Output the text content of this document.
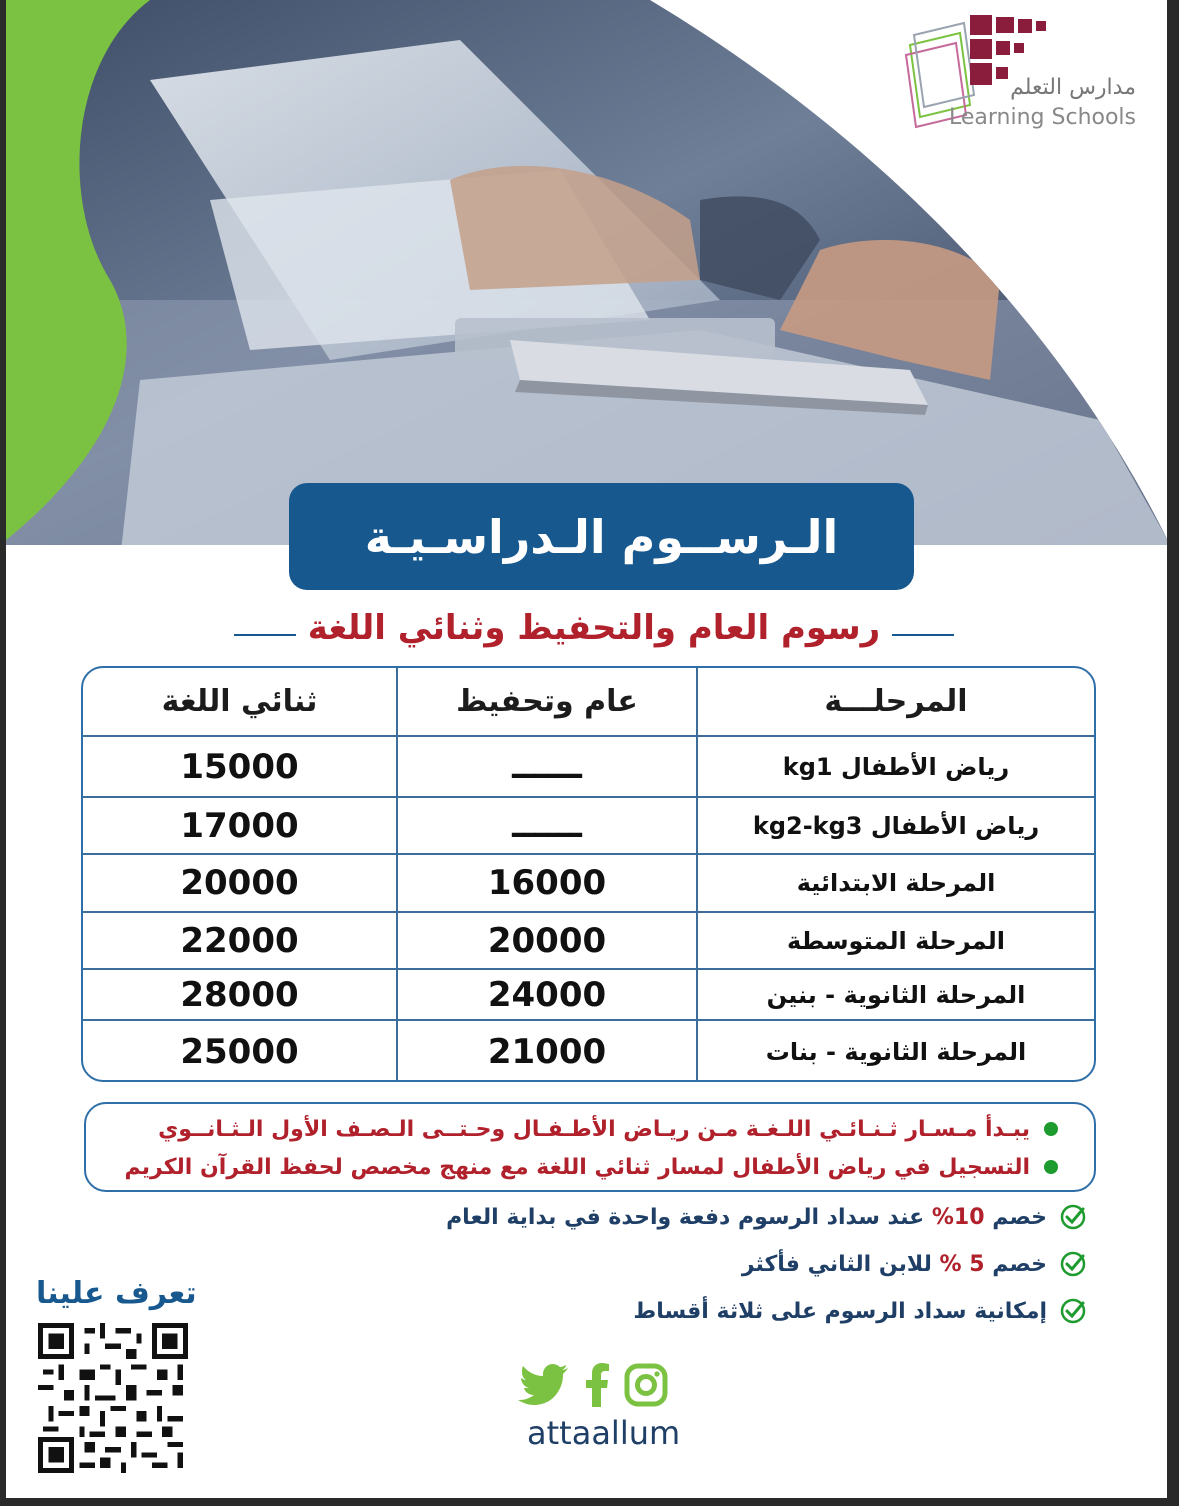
مدارس التعلم
Learning Schools
الـرســوم الـدراسـيـة
رسوم العام والتحفيظ وثنائي اللغة
المرحلـــة
عام وتحفيظ
ثنائي اللغة
رياض الأطفال kg1
ــــــ
15000
رياض الأطفال kg2-kg3
ــــــ
17000
المرحلة الابتدائية
16000
20000
المرحلة المتوسطة
20000
22000
المرحلة الثانوية - بنين
24000
28000
المرحلة الثانوية - بنات
21000
25000
يبـدأ مـسـار ثـنـائـي اللـغـة مـن ريـاض الأطـفـال وحـتــى الـصـف الأول الـثـانــوي
التسجيل في رياض الأطفال لمسار ثنائي اللغة مع منهج مخصص لحفظ القرآن الكريم
خصم 10% عند سداد الرسوم دفعة واحدة في بداية العام
خصم 5 % للابن الثاني فأكثر
إمكانية سداد الرسوم على ثلاثة أقساط
تعرف علينا
attaallum
